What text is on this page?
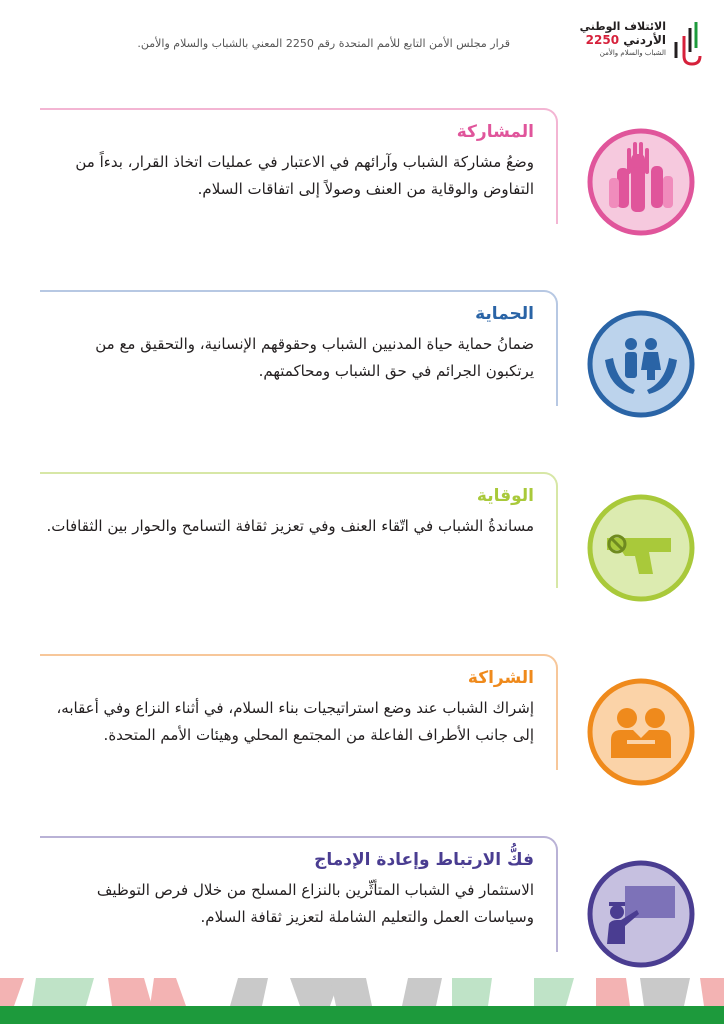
قرار مجلس الأمن التابع للأمم المتحدة رقم 2250 المعني بالشباب والسلام والأمن.
الائتلاف الوطني
الأردني 2250
الشباب والسلام والأمن
المشاركة
وضعُ مشاركة الشباب وآرائهم في الاعتبار في عمليات اتخاذ القرار، بدءاً من التفاوض والوقاية من العنف وصولاً إلى اتفاقات السلام.
الحماية
ضمانُ حماية حياة المدنيين الشباب وحقوقهم الإنسانية، والتحقيق مع من يرتكبون الجرائم في حق الشباب ومحاكمتهم.
الوقاية
مساندةُ الشباب في اتّقاء العنف وفي تعزيز ثقافة التسامح والحوار بين الثقافات.
الشراكة
إشراك الشباب عند وضع استراتيجيات بناء السلام، في أثناء النزاع وفي أعقابه، إلى جانب الأطراف الفاعلة من المجتمع المحلي وهيئات الأمم المتحدة.
فكُّ الارتباط وإعادة الإدماج
الاستثمار في الشباب المتأثِّرين بالنزاع المسلح من خلال فرص التوظيف وسياسات العمل والتعليم الشاملة لتعزيز ثقافة السلام.
